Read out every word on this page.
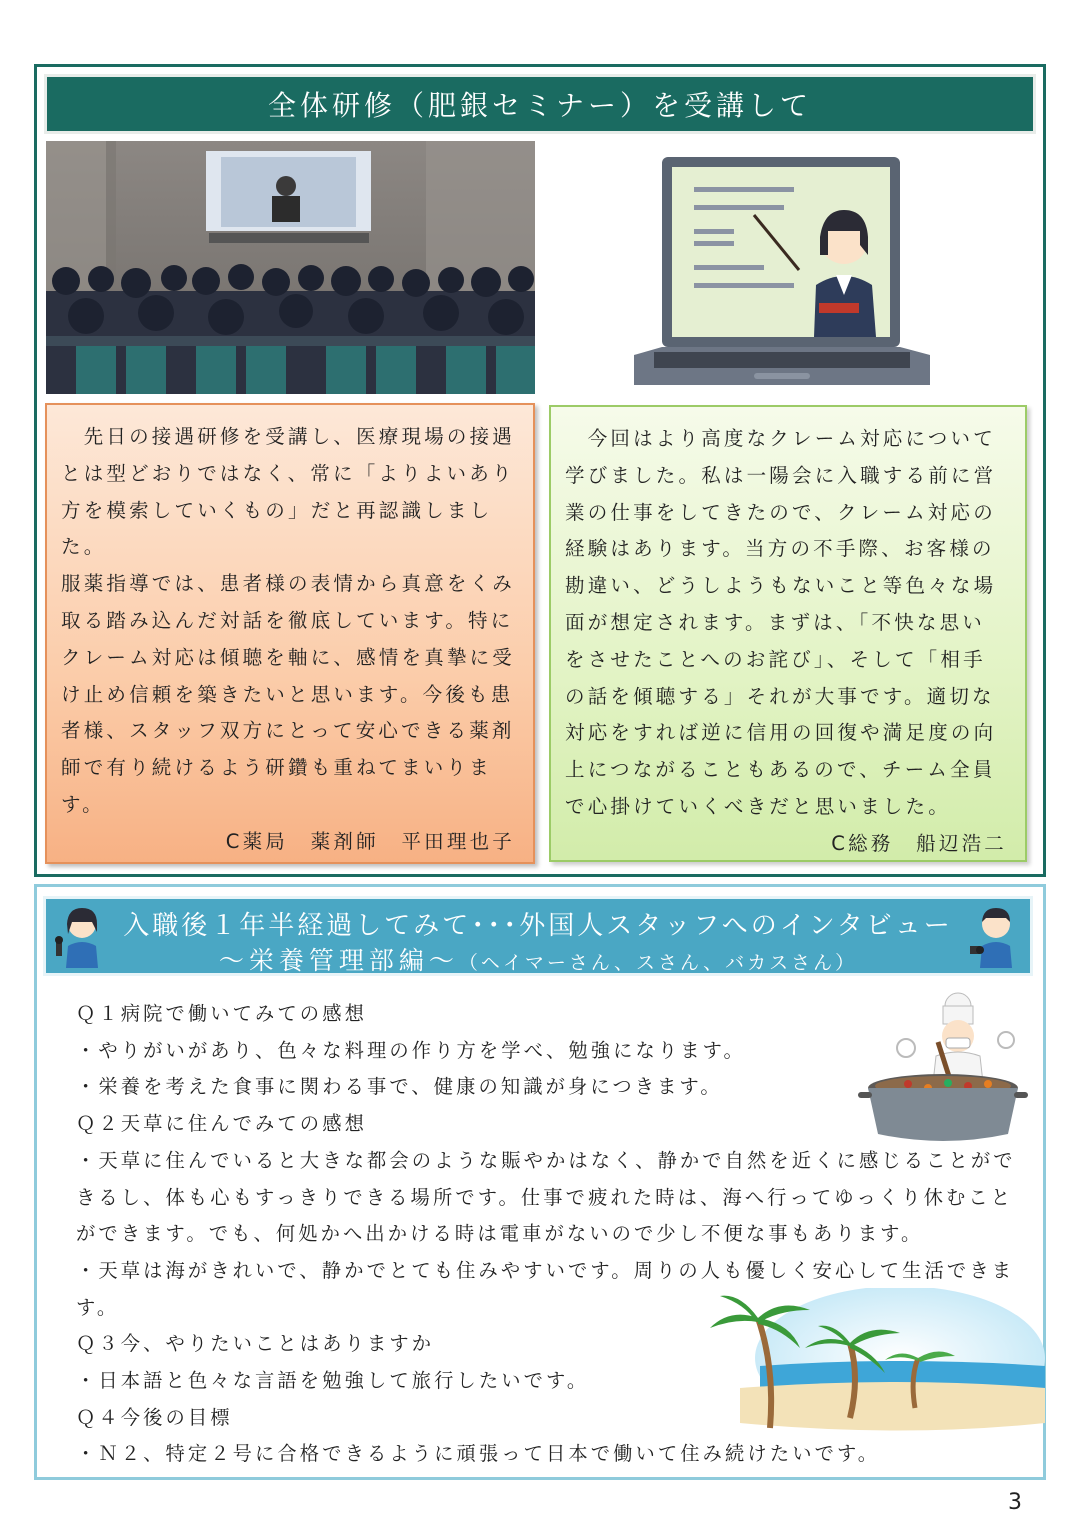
全体研修（肥銀セミナー）を受講して

　先日の接遇研修を受講し、医療現場の接遇とは型どおりではなく、常に「よりよいあり方を模索していくもの」だと再認識しました。

服薬指導では、患者様の表情から真意をくみ取る踏み込んだ対話を徹底しています。特にクレーム対応は傾聴を軸に、感情を真摯に受け止め信頼を築きたいと思います。今後も患者様、スタッフ双方にとって安心できる薬剤師で有り続けるよう研鑽も重ねてまいります。

C薬局　薬剤師　平田理也子　

　今回はより高度なクレーム対応について学びました。私は一陽会に入職する前に営業の仕事をしてきたので、クレーム対応の経験はあります。当方の不手際、お客様の勘違い、どうしようもないこと等色々な場面が想定されます。まずは、「不快な思いをさせたことへのお詫び」、そして「相手の話を傾聴する」それが大事です。適切な対応をすれば逆に信用の回復や満足度の向上につながることもあるので、チーム全員で心掛けていくべきだと思いました。

C総務　船辺浩二　　

入職後１年半経過してみて･･･外国人スタッフへのインタビュー
～栄養管理部編～（ヘイマーさん、スさん、バカスさん）

Ｑ１病院で働いてみての感想

・やりがいがあり、色々な料理の作り方を学べ、勉強になります。

・栄養を考えた食事に関わる事で、健康の知識が身につきます。

Ｑ２天草に住んでみての感想

・天草に住んでいると大きな都会のような賑やかはなく、静かで自然を近くに感じることができるし、体も心もすっきりできる場所です。仕事で疲れた時は、海へ行ってゆっくり休むことができます。でも、何処かへ出かける時は電車がないので少し不便な事もあります。

・天草は海がきれいで、静かでとても住みやすいです。周りの人も優しく安心して生活できます。

Ｑ３今、やりたいことはありますか

・日本語と色々な言語を勉強して旅行したいです。

Ｑ４今後の目標

・Ｎ２、特定２号に合格できるように頑張って日本で働いて住み続けたいです。

3
